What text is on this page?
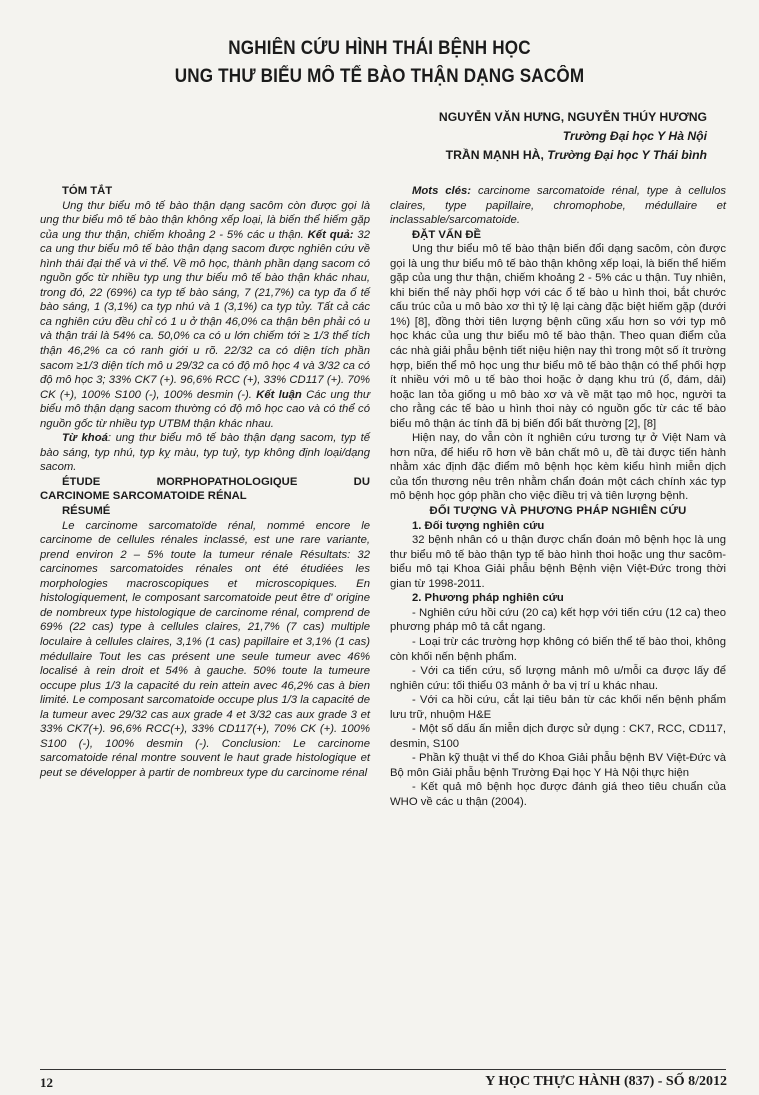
NGHIÊN CỨU HÌNH THÁI BỆNH HỌC
UNG THƯ BIỂU MÔ TẾ BÀO THẬN DẠNG SACÔM
NGUYỄN VĂN HƯNG, NGUYỄN THÚY HƯƠNG
Trường Đại học Y Hà Nội
TRẦN MẠNH HÀ, Trường Đại học Y Thái bình

TÓM TẮT

Ung thư biểu mô tế bào thận dạng sacôm còn được gọi là ung thư biểu mô tế bào thận không xếp loại, là biến thể hiếm gặp của ung thư thận, chiếm khoảng 2 - 5% các u thận. Kết quả: 32 ca ung thư biểu mô tế bào thận dạng sacom được nghiên cứu về hình thái đại thể và vi thể. Về mô học, thành phần dạng sacom có nguồn gốc từ nhiều typ ung thư biểu mô tế bào thận khác nhau, trong đó, 22 (69%) ca typ tế bào sáng, 7 (21,7%) ca typ đa ổ tế bào sáng, 1 (3,1%) ca typ nhú và 1 (3,1%) ca typ tủy. Tất cả các ca nghiên cứu đều chỉ có 1 u ở thận 46,0% ca thận bên phải có u và thận trái là 54% ca. 50,0% ca có u lớn chiếm tới ≥ 1/3 thể tích thận 46,2% ca có ranh giới u rõ. 22/32 ca có diện tích phần sacom ≥1/3 diện tích mô u 29/32 ca có độ mô học 4 và 3/32 ca có độ mô học 3; 33% CK7 (+). 96,6% RCC (+), 33% CD117 (+). 70% CK (+), 100% S100 (-), 100% desmin (-). Kết luận Các ung thư biểu mô thận dạng sacom thường có độ mô học cao và có thể có nguồn gốc từ nhiều typ UTBM thận khác nhau.

Từ khoá: ung thư biểu mô tế bào thận dạng sacom, typ tế bào sáng, typ nhú, typ kỵ màu, typ tuỷ, typ không định loại/dạng sacom.

ÉTUDE	MORPHOPATHOLOGIQUE	DU

CARCINOME SARCOMATOIDE RÉNAL

RÉSUMÉ

Le carcinome sarcomatoïde rénal, nommé encore le carcinome de cellules rénales inclassé, est une rare variante, prend environ 2 – 5% toute la tumeur rénale Résultats: 32 carcinomes sarcomatoides rénales ont été étudiées les morphologies macroscopiques et microscopiques. En histologiquement, le composant sarcomatoide peut être d' origine de nombreux type histologique de carcinome rénal, comprend de 69% (22 cas) type à cellules claires, 21,7% (7 cas) multiple loculaire à cellules claires, 3,1% (1 cas) papillaire et 3,1% (1 cas) médullaire Tout les cas présent une seule tumeur avec 46% localisé à rein droit et 54% à gauche. 50% toute la tumeure occupe plus 1/3 la capacité du rein attein avec 46,2% cas à bien limité. Le composant sarcomatoide occupe plus 1/3 la capacité de la tumeur avec 29/32 cas aux grade 4 et 3/32 cas aux grade 3 et 33% CK7(+). 96,6% RCC(+), 33% CD117(+), 70% CK (+). 100% S100 (-), 100% desmin (-). Conclusion: Le carcinome sarcomatoide rénal montre souvent le haut grade histologique et peut se développer à partir de nombreux type du carcinome rénal

Mots clés: carcinome sarcomatoide rénal, type à cellulos claires, type papillaire, chromophobe, médullaire et inclassable/sarcomatoide.

ĐẶT VẤN ĐỀ

Ung thư biểu mô tế bào thận biến đổi dạng sacôm, còn được gọi là ung thư biểu mô tế bào thận không xếp loại, là biến thể hiếm gặp của ung thư thận, chiếm khoảng 2 - 5% các u thận. Tuy nhiên, khi biến thể này phối hợp với các ổ tế bào u hình thoi, bắt chước cấu trúc của u mô bào xơ thì tỷ lệ lại càng đặc biệt hiếm gặp (dưới 1%) [8], đồng thời tiên lượng bệnh cũng xấu hơn so với typ mô học khác của ung thư biểu mô tế bào thận. Theo quan điểm của các nhà giải phẫu bệnh tiết niệu hiện nay thì trong một số ít trường hợp, biến thể mô học ung thư biểu mô tế bào thận có thể phối hợp ít nhiều với mô u tế bào thoi hoặc ở dạng khu trú (ổ, đám, dải) hoặc lan tỏa giống u mô bào xơ và về mặt tạo mô học, người ta cho rằng các tế bào u hình thoi này có nguồn gốc từ các tế bào biểu mô thận ác tính đã bị biến đổi bất thường [2], [8]

Hiện nay, do vẫn còn ít nghiên cứu tương tự ở Việt Nam và hơn nữa, để hiểu rõ hơn về bản chất mô u, đề tài được tiến hành nhằm xác định đặc điểm mô bệnh học kèm kiểu hình miễn dịch của tổn thương nêu trên nhằm chẩn đoán một cách chính xác typ mô bệnh học góp phần cho việc điều trị và tiên lượng bệnh.

ĐỐI TƯỢNG VÀ PHƯƠNG PHÁP NGHIÊN CỨU

1. Đối tượng nghiên cứu

32 bệnh nhân có u thận được chẩn đoán mô bệnh học là ung thư biểu mô tế bào thận typ tế bào hình thoi hoặc ung thư sacôm-biểu mô tại Khoa Giải phẫu bệnh Bệnh viện Việt-Đức trong thời gian từ 1998-2011.

2. Phương pháp nghiên cứu

- Nghiên cứu hồi cứu (20 ca) kết hợp với tiến cứu (12 ca) theo phương pháp mô tả cắt ngang.

- Loại trừ các trường hợp không có biến thể tế bào thoi, không còn khối nến bệnh phẩm.

- Với ca tiến cứu, số lượng mảnh mô u/mỗi ca được lấy để nghiên cứu: tối thiểu 03 mảnh ở ba vị trí u khác nhau.

- Với ca hồi cứu, cắt lại tiêu bản từ các khối nến bệnh phẩm lưu trữ, nhuộm H&E

- Một số dấu ấn miễn dịch được sử dụng : CK7, RCC, CD117, desmin, S100

- Phần kỹ thuật vi thể do Khoa Giải phẫu bệnh BV Việt-Đức và Bộ môn Giải phẫu bệnh Trường Đại học Y Hà Nội thực hiện

- Kết quả mô bệnh học được đánh giá theo tiêu chuẩn của WHO về các u thận (2004).

12	Y HỌC THỰC HÀNH (837) - SỐ 8/2012
